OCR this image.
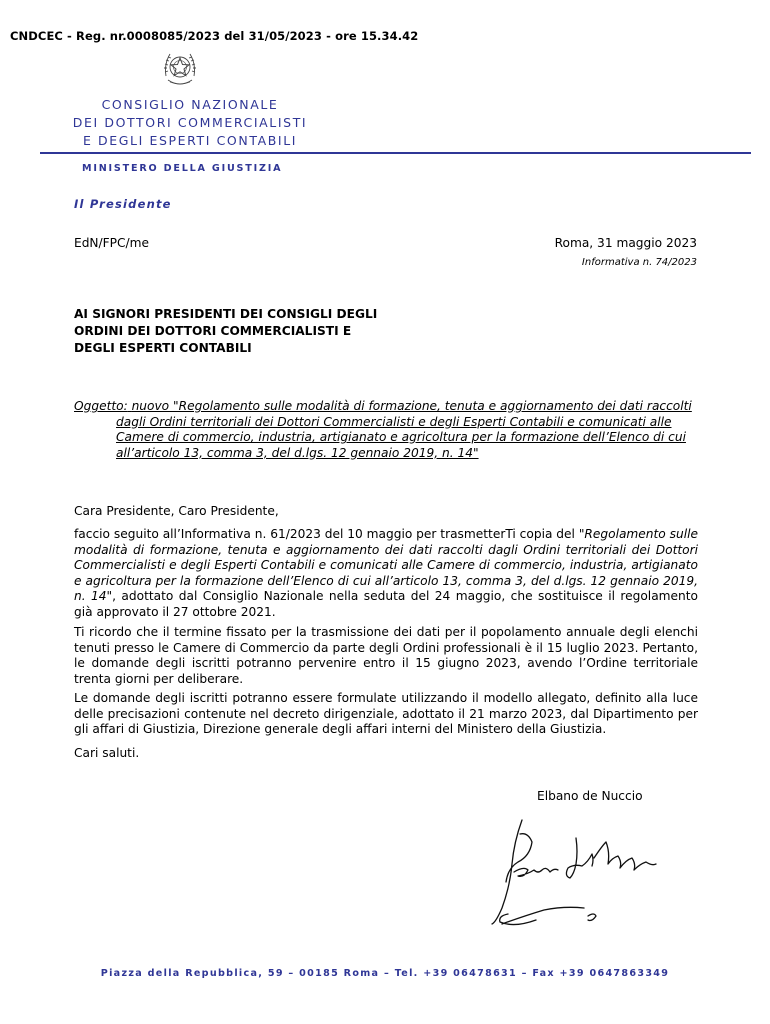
CNDCEC - Reg. nr.0008085/2023 del 31/05/2023 - ore 15.34.42
CONSIGLIO NAZIONALE
DEI DOTTORI COMMERCIALISTI
E DEGLI ESPERTI CONTABILI
MINISTERO DELLA GIUSTIZIA
Il Presidente
EdN/FPC/me	Roma, 31 maggio 2023
Informativa n. 74/2023
AI SIGNORI PRESIDENTI DEI CONSIGLI DEGLI
ORDINI DEI DOTTORI COMMERCIALISTI E
DEGLI ESPERTI CONTABILI
Oggetto: nuovo "Regolamento sulle modalità di formazione, tenuta e aggiornamento dei dati raccolti
dagli Ordini territoriali dei Dottori Commercialisti e degli Esperti Contabili e comunicati alle
Camere di commercio, industria, artigianato e agricoltura per la formazione dell’Elenco di cui
all’articolo 13, comma 3, del d.lgs. 12 gennaio 2019, n. 14"
Cara Presidente, Caro Presidente,
faccio seguito all’Informativa n. 61/2023 del 10 maggio per trasmetterTi copia del "Regolamento sulle modalità di formazione, tenuta e aggiornamento dei dati raccolti dagli Ordini territoriali dei Dottori Commercialisti e degli Esperti Contabili e comunicati alle Camere di commercio, industria, artigianato e agricoltura per la formazione dell’Elenco di cui all’articolo 13, comma 3, del d.lgs. 12 gennaio 2019, n. 14", adottato dal Consiglio Nazionale nella seduta del 24 maggio, che sostituisce il regolamento già approvato il 27 ottobre 2021.
Ti ricordo che il termine fissato per la trasmissione dei dati per il popolamento annuale degli elenchi tenuti presso le Camere di Commercio da parte degli Ordini professionali è il 15 luglio 2023. Pertanto, le domande degli iscritti potranno pervenire entro il 15 giugno 2023, avendo l’Ordine territoriale trenta giorni per deliberare.
Le domande degli iscritti potranno essere formulate utilizzando il modello allegato, definito alla luce delle precisazioni contenute nel decreto dirigenziale, adottato il 21 marzo 2023, dal Dipartimento per gli affari di Giustizia, Direzione generale degli affari interni del Ministero della Giustizia.
Cari saluti.
Elbano de Nuccio
Piazza della Repubblica, 59 – 00185 Roma – Tel. +39 06478631 – Fax +39 0647863349
